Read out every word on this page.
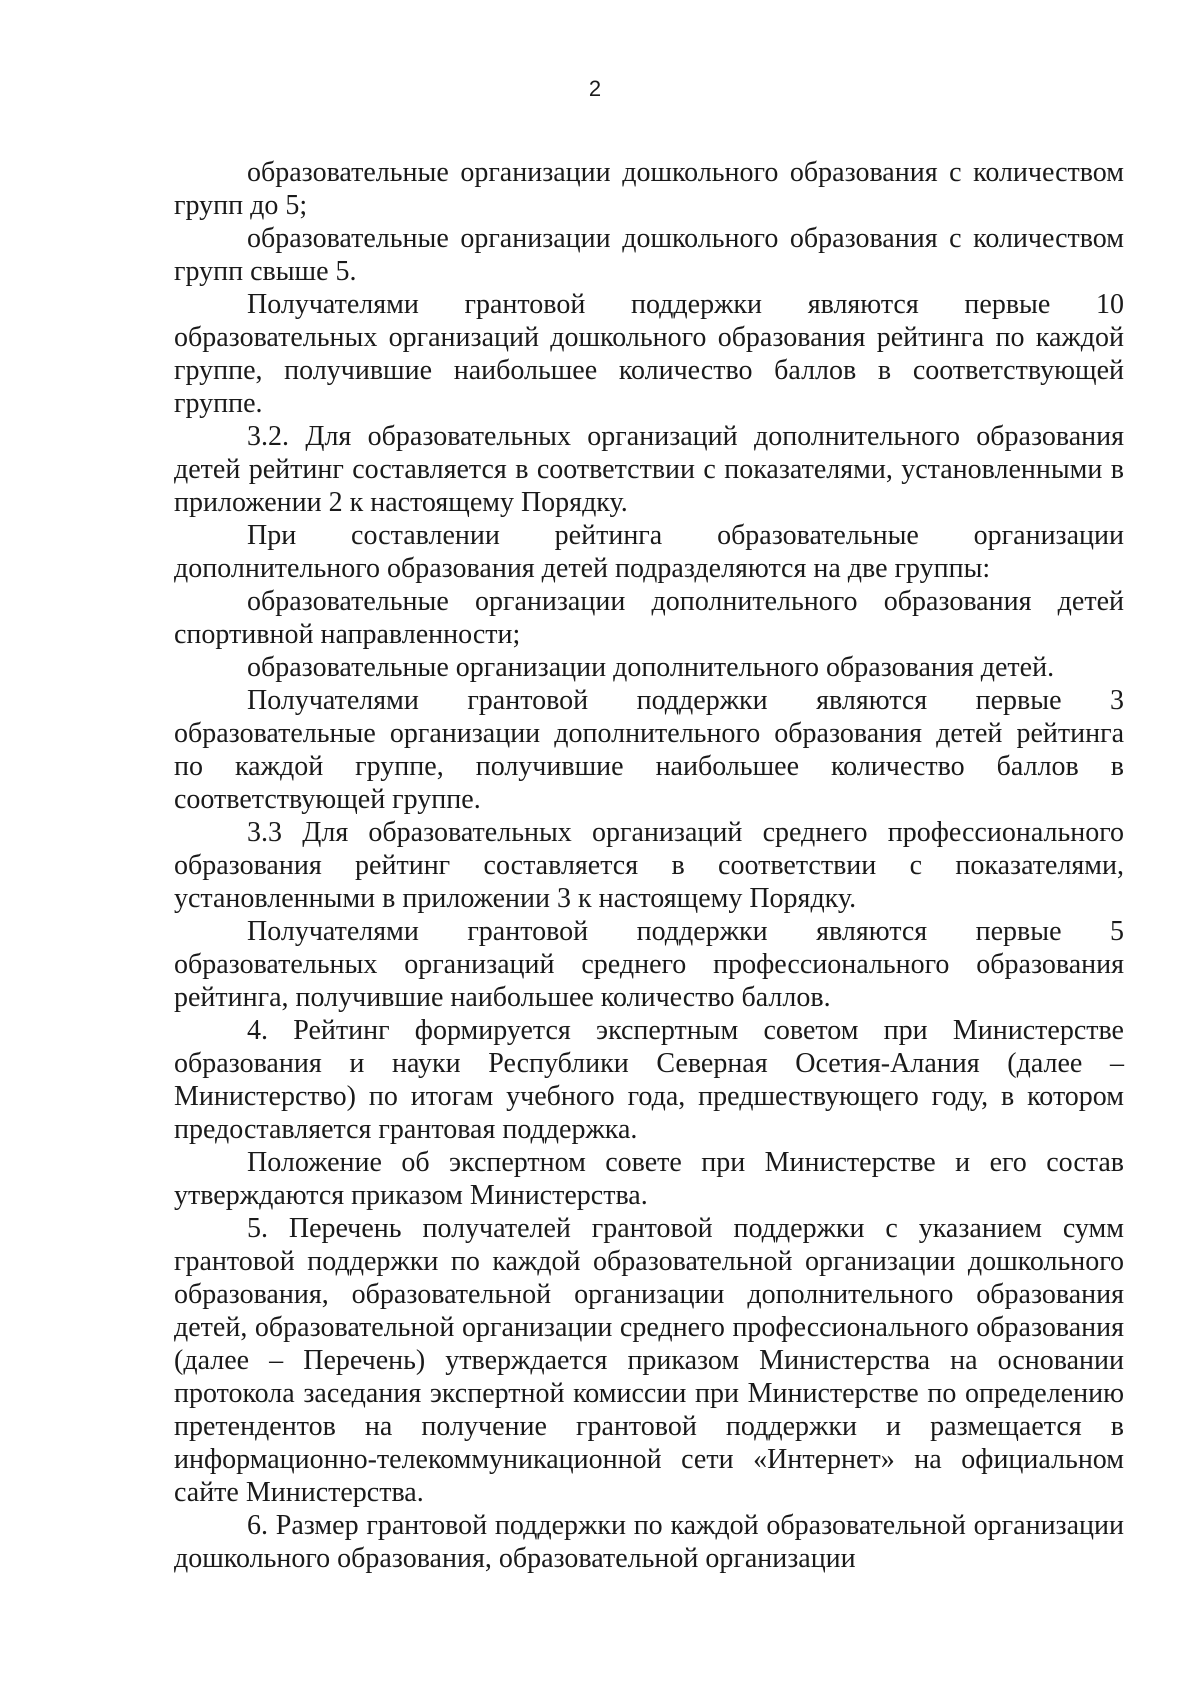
2

образовательные организации дошкольного образования с количеством групп до 5;

образовательные организации дошкольного образования с количеством групп свыше 5.

Получателями грантовой поддержки являются первые 10 образовательных организаций дошкольного образования рейтинга по каждой группе, получившие наибольшее количество баллов в соответствующей группе.

3.2. Для образовательных организаций дополнительного образования детей рейтинг составляется в соответствии с показателями, установленными в приложении 2 к настоящему Порядку.

При составлении рейтинга образовательные организации дополнительного образования детей подразделяются на две группы:

образовательные организации дополнительного образования детей спортивной направленности;

образовательные организации дополнительного образования детей.

Получателями грантовой поддержки являются первые 3 образовательные организации дополнительного образования детей рейтинга по каждой группе, получившие наибольшее количество баллов в соответствующей группе.

3.3 Для образовательных организаций среднего профессионального образования рейтинг составляется в соответствии с показателями, установленными в приложении 3 к настоящему Порядку.

Получателями грантовой поддержки являются первые 5 образовательных организаций среднего профессионального образования рейтинга, получившие наибольшее количество баллов.

4. Рейтинг формируется экспертным советом при Министерстве образования и науки Республики Северная Осетия-Алания (далее – Министерство) по итогам учебного года, предшествующего году, в котором предоставляется грантовая поддержка.

Положение об экспертном совете при Министерстве и его состав утверждаются приказом Министерства.

5. Перечень получателей грантовой поддержки с указанием сумм грантовой поддержки по каждой образовательной организации дошкольного образования, образовательной организации дополнительного образования детей, образовательной организации среднего профессионального образования (далее – Перечень) утверждается приказом Министерства на основании протокола заседания экспертной комиссии при Министерстве по определению претендентов на получение грантовой поддержки и размещается в информационно-телекоммуникационной сети «Интернет» на официальном сайте Министерства.

6. Размер грантовой поддержки по каждой образовательной организации дошкольного образования, образовательной организации
